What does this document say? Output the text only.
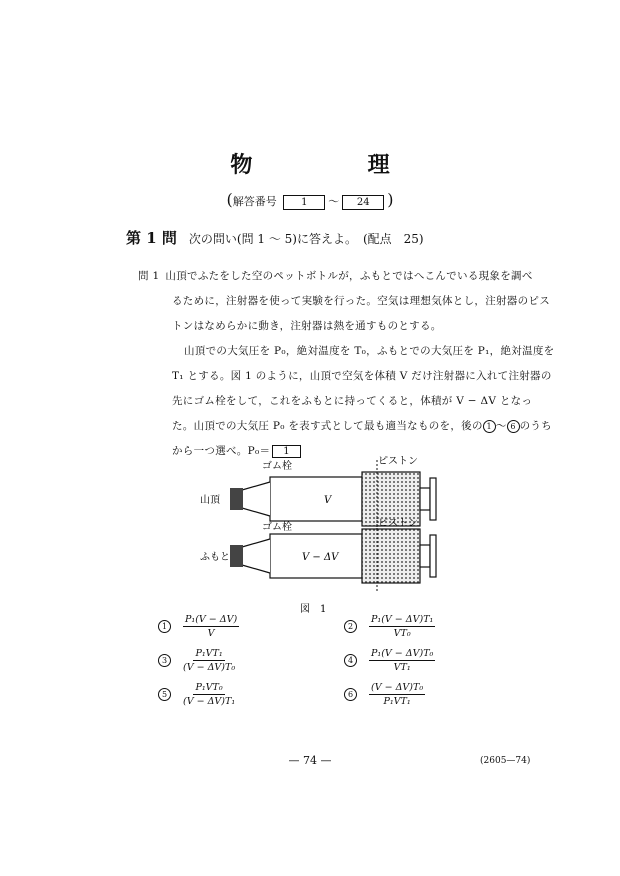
物	理
(解答番号 1 〜 24 )
第 1 問 次の問い(問 1 〜 5)に答えよ。 (配点　25)
問 1 山頂でふたをした空のペットボトルが，ふもとではへこんでいる現象を調べ
るために，注射器を使って実験を行った。空気は理想気体とし，注射器のピス
トンはなめらかに動き，注射器は熱を通すものとする。
山頂での大気圧を P₀，絶対温度を T₀，ふもとでの大気圧を P₁，絶対温度を
T₁ とする。図 1 のように，山頂で空気を体積 V だけ注射器に入れて注射器の
先にゴム栓をして，これをふもとに持ってくると，体積が V − ΔV となっ
た。山頂での大気圧 P₀ を表す式として最も適当なものを，後の 1 〜 6 のうち
から一つ選べ。P₀＝ 1
ゴム栓	ピストン
山頂	V
ゴム栓	ピストン
ふもと	V − ΔV
図　1
1	$\frac{\text{P₁(V − ΔV)}}{V}$	2	$\frac{\text{P₁(V − ΔV)T₁}}{\text{VT₀}}$
3	$\frac{\text{P₁VT₁}}{\text{(V − ΔV)T₀}}$	4	$\frac{\text{P₁(V − ΔV)T₀}}{\text{VT₁}}$
5	$\frac{\text{P₁VT₀}}{\text{(V − ΔV)T₁}}$	6	$\frac{\text{(V − ΔV)T₀}}{\text{P₁VT₁}}$
— 74 —	(2605—74)
